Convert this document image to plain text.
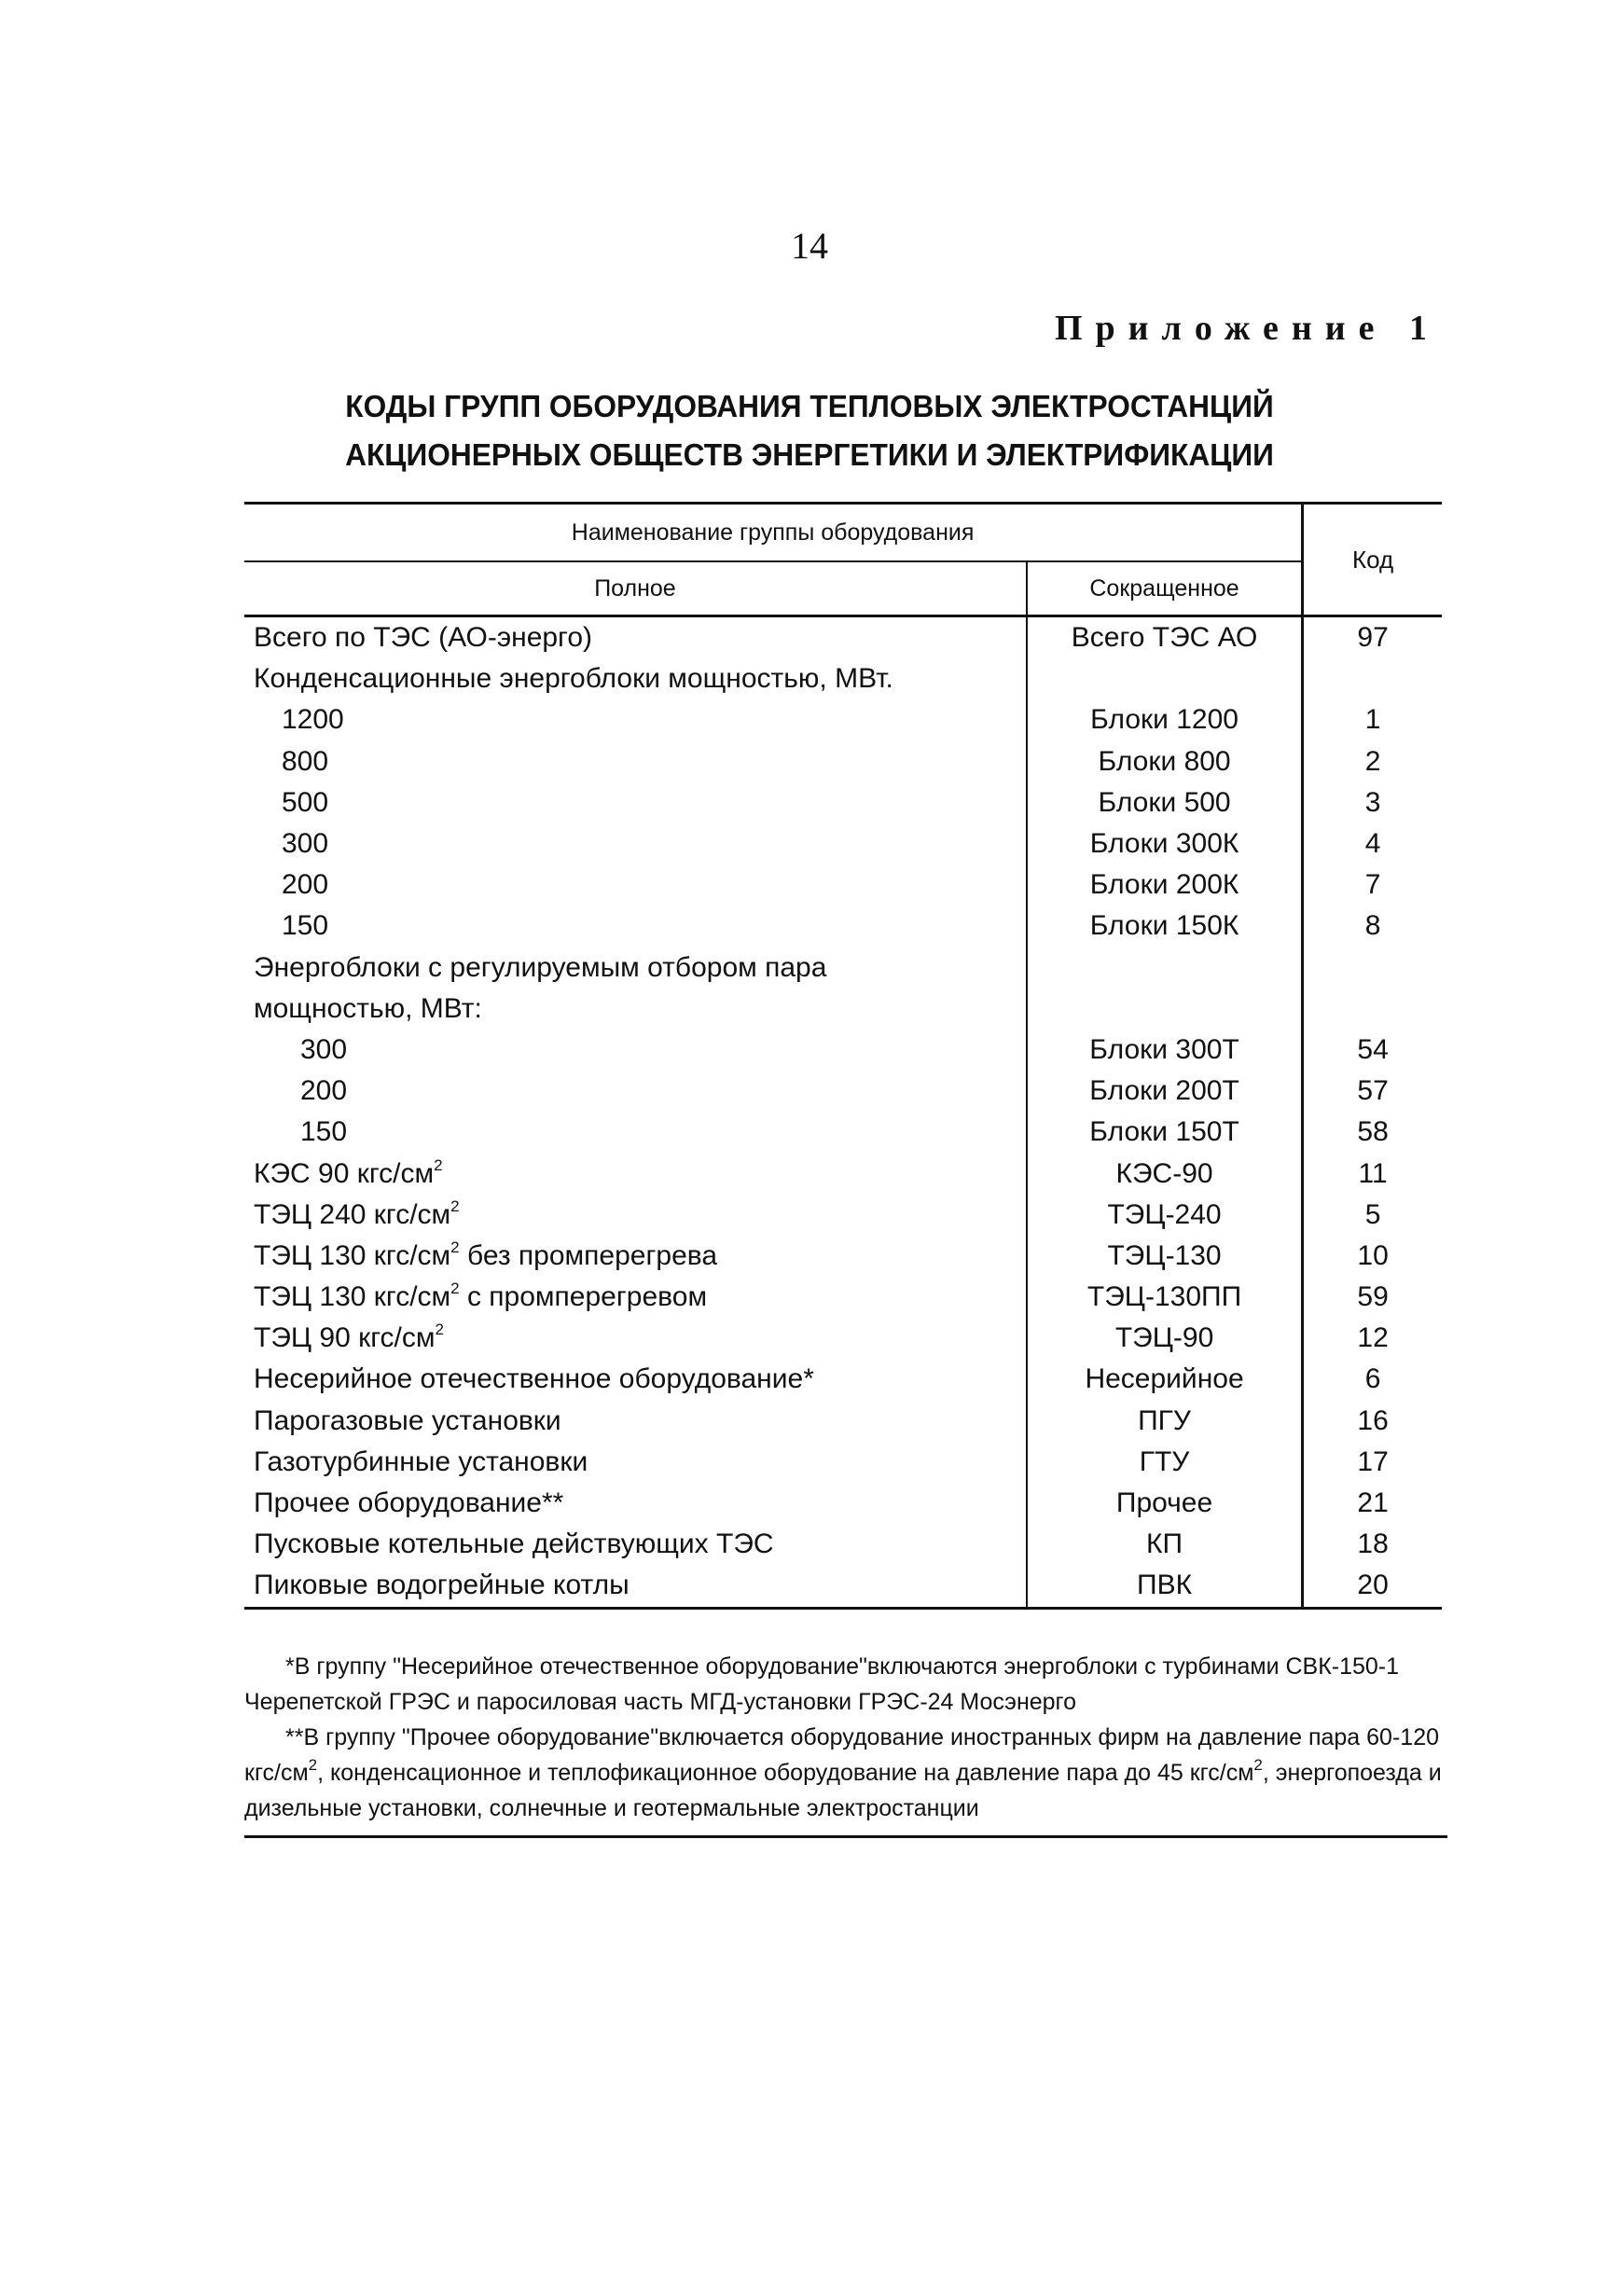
14
Приложение 1
КОДЫ ГРУПП ОБОРУДОВАНИЯ ТЕПЛОВЫХ ЭЛЕКТРОСТАНЦИЙ
АКЦИОНЕРНЫХ ОБЩЕСТВ ЭНЕРГЕТИКИ И ЭЛЕКТРИФИКАЦИИ
Наименование группы оборудования		Код
Полное	Сокращенное	
Всего по ТЭС (АО-энерго)	Всего ТЭС АО	97
Конденсационные энергоблоки мощностью, МВт.		
1200	Блоки 1200	1
800	Блоки 800	2
500	Блоки 500	3
300	Блоки 300К	4
200	Блоки 200К	7
150	Блоки 150К	8
Энергоблоки с регулируемым отбором пара		
мощностью, МВт:		
300	Блоки 300Т	54
200	Блоки 200Т	57
150	Блоки 150Т	58
КЭС 90 кгс/$см^2$	КЭС-90	11
ТЭЦ 240 кгс/$см^2$	ТЭЦ-240	5
ТЭЦ 130 кгс/$см^2$ без промперегрева	ТЭЦ-130	10
ТЭЦ 130 кгс/$см^2$ с промперегревом	ТЭЦ-130ПП	59
ТЭЦ 90 кгс/$см^2$	ТЭЦ-90	12
Несерийное отечественное оборудование*	Несерийное	6
Парогазовые установки	ПГУ	16
Газотурбинные установки	ГТУ	17
Прочее оборудование**	Прочее	21
Пусковые котельные действующих ТЭС	КП	18
Пиковые водогрейные котлы	ПВК	20

*В группу "Несерийное отечественное оборудование"включаются энергоблоки с турбинами СВК-150-1 Черепетской ГРЭС и паросиловая часть МГД-установки ГРЭС-24 Мосэнерго

**В группу "Прочее оборудование"включается оборудование иностранных фирм на давление пара 60-120 кгс/$см^2$, конденсационное и теплофикационное оборудование на давление пара до 45 кгс/$см^2$, энергопоезда и дизельные установки, солнечные и геотермальные электростанции
